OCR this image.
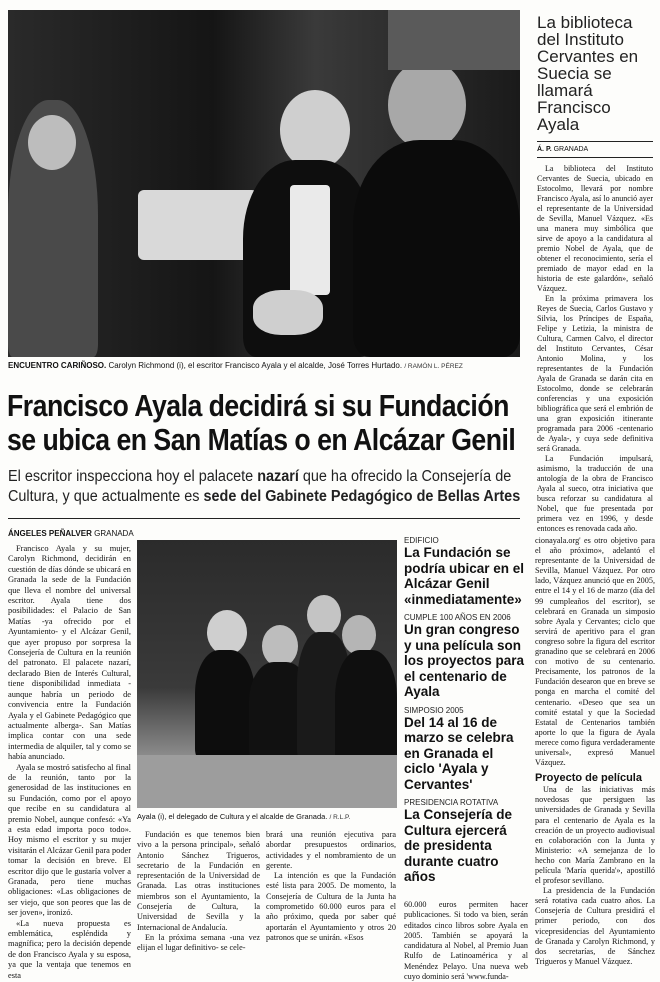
ENCUENTRO CARIÑOSO. Carolyn Richmond (i), el escritor Francisco Ayala y el alcalde, José Torres Hurtado. / RAMÓN L. PÉREZ
La biblioteca
del Instituto
Cervantes en
Suecia se llamará
Francisco Ayala
Á. P. GRANADA

La biblioteca del Instituto Cervantes de Suecia, ubicado en Estocolmo, llevará por nombre Francisco Ayala, así lo anunció ayer el representante de la Universidad de Sevilla, Manuel Vázquez. «Es una manera muy simbólica que sirve de apoyo a la candidatura al premio Nobel de Ayala, que de obtener el reconocimiento, sería el premiado de mayor edad en la historia de este galardón», señaló Vázquez.

En la próxima primavera los Reyes de Suecia, Carlos Gustavo y Silvia, los Príncipes de España, Felipe y Letizia, la ministra de Cultura, Carmen Calvo, el director del Instituto Cervantes, César Antonio Molina, y los representantes de la Fundación Ayala de Granada se darán cita en Estocolmo, donde se celebrarán conferencias y una exposición bibliográfica que será el embrión de una gran exposición itinerante programada para 2006 -centenario de Ayala-, y cuya sede definitiva será Granada.

La Fundación impulsará, asimismo, la traducción de una antología de la obra de Francisco Ayala al sueco, otra iniciativa que busca reforzar su candidatura al Nobel, que fue presentada por primera vez en 1996, y desde entonces es renovada cada año.

Francisco Ayala decidirá si su Fundación
se ubica en San Matías o en Alcázar Genil
El escritor inspecciona hoy el palacete nazarí que ha ofrecido la Consejería de
Cultura, y que actualmente es sede del Gabinete Pedagógico de Bellas Artes
ÁNGELES PEÑALVER GRANADA

Francisco Ayala y su mujer, Carolyn Richmond, decidirán en cuestión de días dónde se ubicará en Granada la sede de la Fundación que lleva el nombre del universal escritor. Ayala tiene dos posibilidades: el Palacio de San Matías -ya ofrecido por el Ayuntamiento- y el Alcázar Genil, que ayer propuso por sorpresa la Consejería de Cultura en la reunión del patronato. El palacete nazarí, declarado Bien de Interés Cultural, tiene disponibilidad inmediata -aunque habría un periodo de convivencia entre la Fundación Ayala y el Gabinete Pedagógico que actualmente alberga-. San Matías implica contar con una sede intermedia de alquiler, tal y como se había anunciado.

Ayala se mostró satisfecho al final de la reunión, tanto por la generosidad de las instituciones en su Fundación, como por el apoyo que recibe en su candidatura al premio Nobel, aunque confesó: «Ya a esta edad importa poco todo». Hoy mismo el escritor y su mujer visitarán el Alcázar Genil para poder tomar la decisión en breve. El escritor dijo que le gustaría volver a Granada, pero tiene muchas obligaciones: «Las obligaciones de ser viejo, que son peores que las de ser joven», ironizó.

«La nueva propuesta es emblemática, espléndida y magnífica; pero la decisión depende de don Francisco Ayala y su esposa, ya que la ventaja que tenemos en esta

Ayala (i), el delegado de Cultura y el alcalde de Granada. / R.L.P.

Fundación es que tenemos bien vivo a la persona principal», señaló Antonio Sánchez Trigueros, secretario de la Fundación en representación de la Universidad de Granada. Las otras instituciones miembros son el Ayuntamiento, la Consejería de Cultura, la Universidad de Sevilla y la Internacional de Andalucía.

En la próxima semana -una vez elijan el lugar definitivo- se cele-

brará una reunión ejecutiva para abordar presupuestos ordinarios, actividades y el nombramiento de un gerente.

La intención es que la Fundación esté lista para 2005. De momento, la Consejería de Cultura de la Junta ha comprometido 60.000 euros para el año próximo, queda por saber qué aportarán el Ayuntamiento y otros 20 patronos que se unirán. «Esos

EDIFICIO
La Fundación se podría ubicar en el Alcázar Genil «inmediatamente»
CUMPLE 100 AÑOS EN 2006
Un gran congreso y una película son los proyectos para el centenario de Ayala
SIMPOSIO 2005
Del 14 al 16 de marzo se celebra en Granada el ciclo 'Ayala y Cervantes'
PRESIDENCIA ROTATIVA
La Consejería de Cultura ejercerá de presidenta durante cuatro años

60.000 euros permiten hacer publicaciones. Si todo va bien, serán editados cinco libros sobre Ayala en 2005. También se apoyará la candidatura al Nobel, al Premio Juan Rulfo de Latinoamérica y al Menéndez Pelayo. Una nueva web cuyo dominio será 'www.funda-

cionayala.org' es otro objetivo para el año próximo», adelantó el representante de la Universidad de Sevilla, Manuel Vázquez. Por otro lado, Vázquez anunció que en 2005, entre el 14 y el 16 de marzo (día del 99 cumpleaños del escritor), se celebrará en Granada un simposio sobre Ayala y Cervantes; ciclo que servirá de aperitivo para el gran congreso sobre la figura del escritor granadino que se celebrará en 2006 con motivo de su centenario. Precisamente, los patronos de la Fundación desearon que en breve se ponga en marcha el comité del centenario. «Deseo que sea un comité estatal y que la Sociedad Estatal de Centenarios también aporte lo que la figura de Ayala merece como figura verdaderamente universal», expresó Manuel Vázquez.

Proyecto de película

Una de las iniciativas más novedosas que persiguen las universidades de Granada y Sevilla para el centenario de Ayala es la creación de un proyecto audiovisual en colaboración con la Junta y Ministerio: «A semejanza de lo hecho con María Zambrano en la película 'María querida'», apostilló el profesor sevillano.

La presidencia de la Fundación será rotativa cada cuatro años. La Consejería de Cultura presidirá el primer periodo, con dos vicepresidencias del Ayuntamiento de Granada y Carolyn Richmond, y dos secretarías, de Sánchez Trigueros y Manuel Vázquez.
